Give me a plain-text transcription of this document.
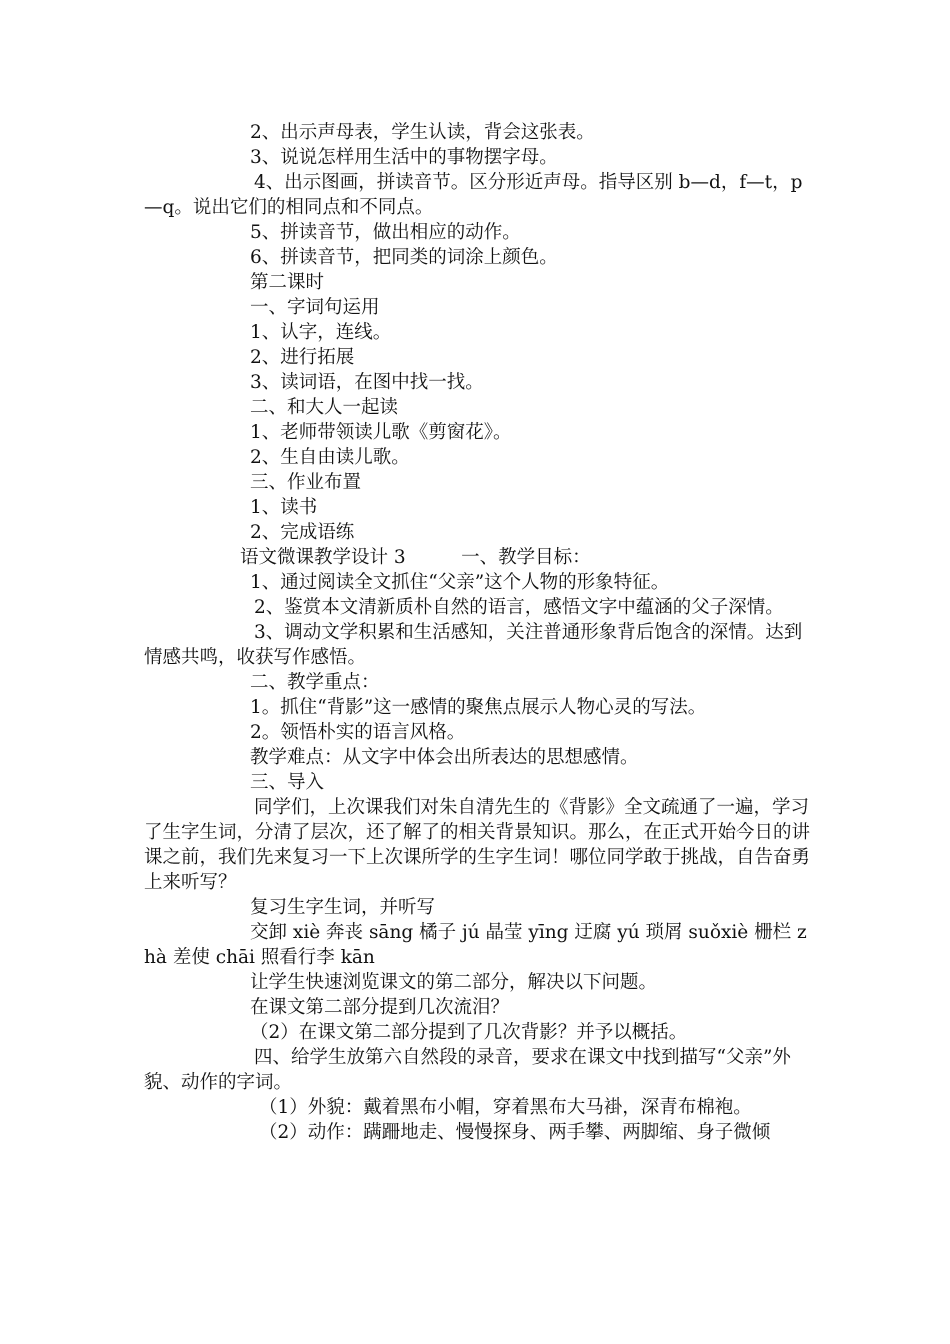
2、出示声母表，学生认读，背会这张表。

3、说说怎样用生活中的事物摆字母。

4、出示图画，拼读音节。区分形近声母。指导区别 b—d，f—t，p—q。说出它们的相同点和不同点。

5、拼读音节，做出相应的动作。

6、拼读音节，把同类的词涂上颜色。

第二课时

一、字词句运用

1、认字，连线。

2、进行拓展

3、读词语，在图中找一找。

二、和大人一起读

1、老师带领读儿歌《剪窗花》。

2、生自由读儿歌。

三、作业布置

1、读书

2、完成语练

语文微课教学设计 3　　　一、教学目标：

1、通过阅读全文抓住“父亲”这个人物的形象特征。

2、鉴赏本文清新质朴自然的语言，感悟文字中蕴涵的父子深情。

3、调动文学积累和生活感知，关注普通形象背后饱含的深情。达到情感共鸣，收获写作感悟。

二、教学重点：

1。抓住“背影”这一感情的聚焦点展示人物心灵的写法。

2。领悟朴实的语言风格。

教学难点：从文字中体会出所表达的思想感情。

三、导入

同学们，上次课我们对朱自清先生的《背影》全文疏通了一遍，学习了生字生词，分清了层次，还了解了的相关背景知识。那么，在正式开始今日的讲课之前，我们先来复习一下上次课所学的生字生词！哪位同学敢于挑战，自告奋勇上来听写？

复习生字生词，并听写

交卸 xiè 奔丧 sāng 橘子 jú 晶莹 yīng 迂腐 yú 琐屑 suǒxiè 栅栏 zhà 差使 chāi 照看行李 kān

让学生快速浏览课文的第二部分，解决以下问题。

在课文第二部分提到几次流泪？

（2）在课文第二部分提到了几次背影？并予以概括。

四、给学生放第六自然段的录音，要求在课文中找到描写“父亲”外貌、动作的字词。

（1）外貌：戴着黑布小帽，穿着黑布大马褂，深青布棉袍。

（2）动作：蹒跚地走、慢慢探身、两手攀、两脚缩、身子微倾
